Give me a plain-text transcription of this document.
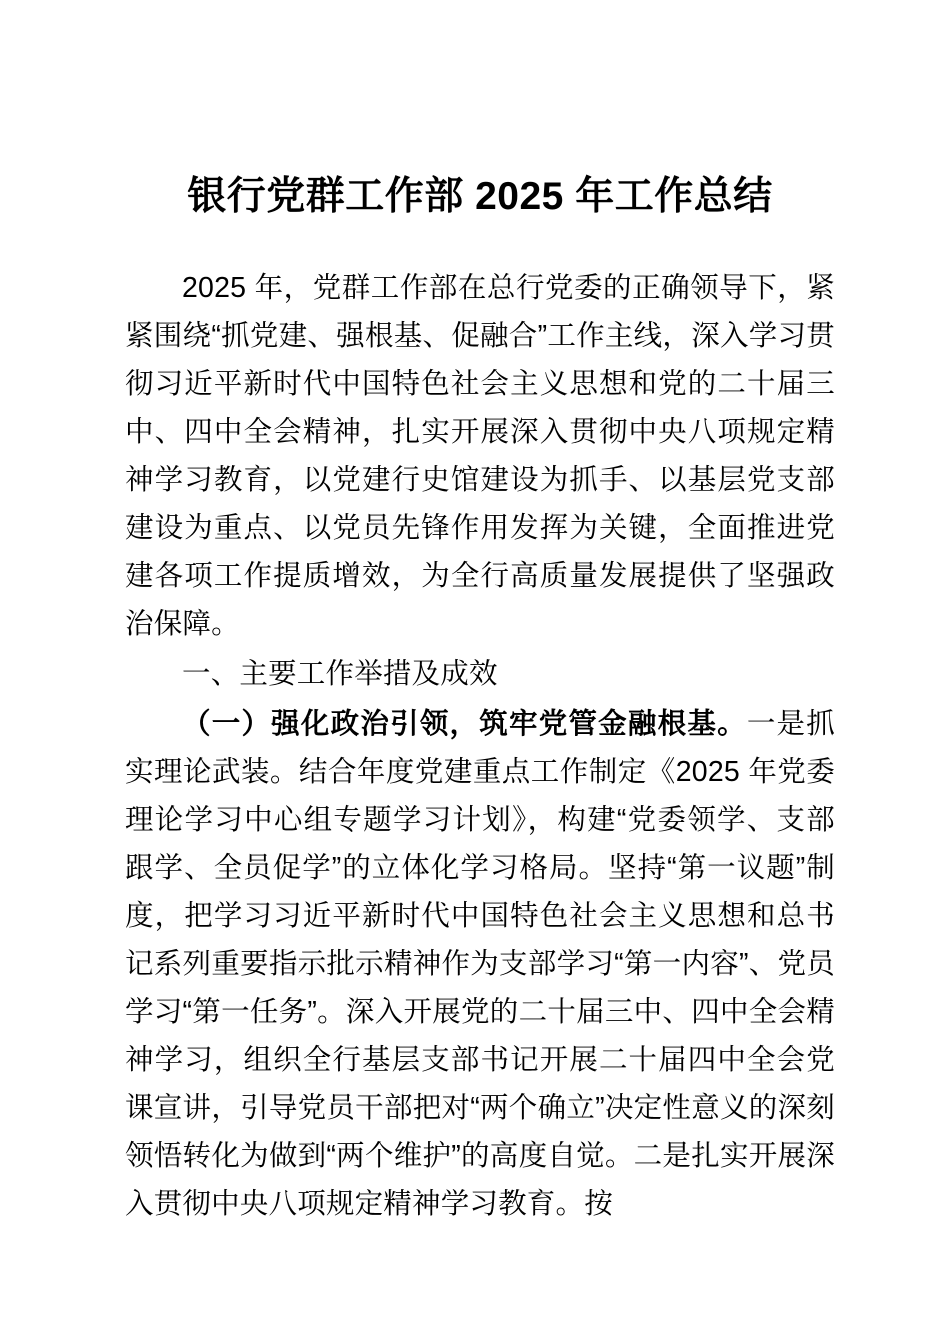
银行党群工作部 2025 年工作总结

2025 年，党群工作部在总行党委的正确领导下，紧紧围绕“抓党建、强根基、促融合”工作主线，深入学习贯彻习近平新时代中国特色社会主义思想和党的二十届三中、四中全会精神，扎实开展深入贯彻中央八项规定精神学习教育，以党建行史馆建设为抓手、以基层党支部建设为重点、以党员先锋作用发挥为关键，全面推进党建各项工作提质增效，为全行高质量发展提供了坚强政治保障。

一、主要工作举措及成效

（一）强化政治引领，筑牢党管金融根基。一是抓实理论武装。结合年度党建重点工作制定《2025 年党委理论学习中心组专题学习计划》，构建“党委领学、支部跟学、全员促学”的立体化学习格局。坚持“第一议题”制度，把学习习近平新时代中国特色社会主义思想和总书记系列重要指示批示精神作为支部学习“第一内容”、党员学习“第一任务”。深入开展党的二十届三中、四中全会精神学习，组织全行基层支部书记开展二十届四中全会党课宣讲，引导党员干部把对“两个确立”决定性意义的深刻领悟转化为做到“两个维护”的高度自觉。二是扎实开展深入贯彻中央八项规定精神学习教育。按
